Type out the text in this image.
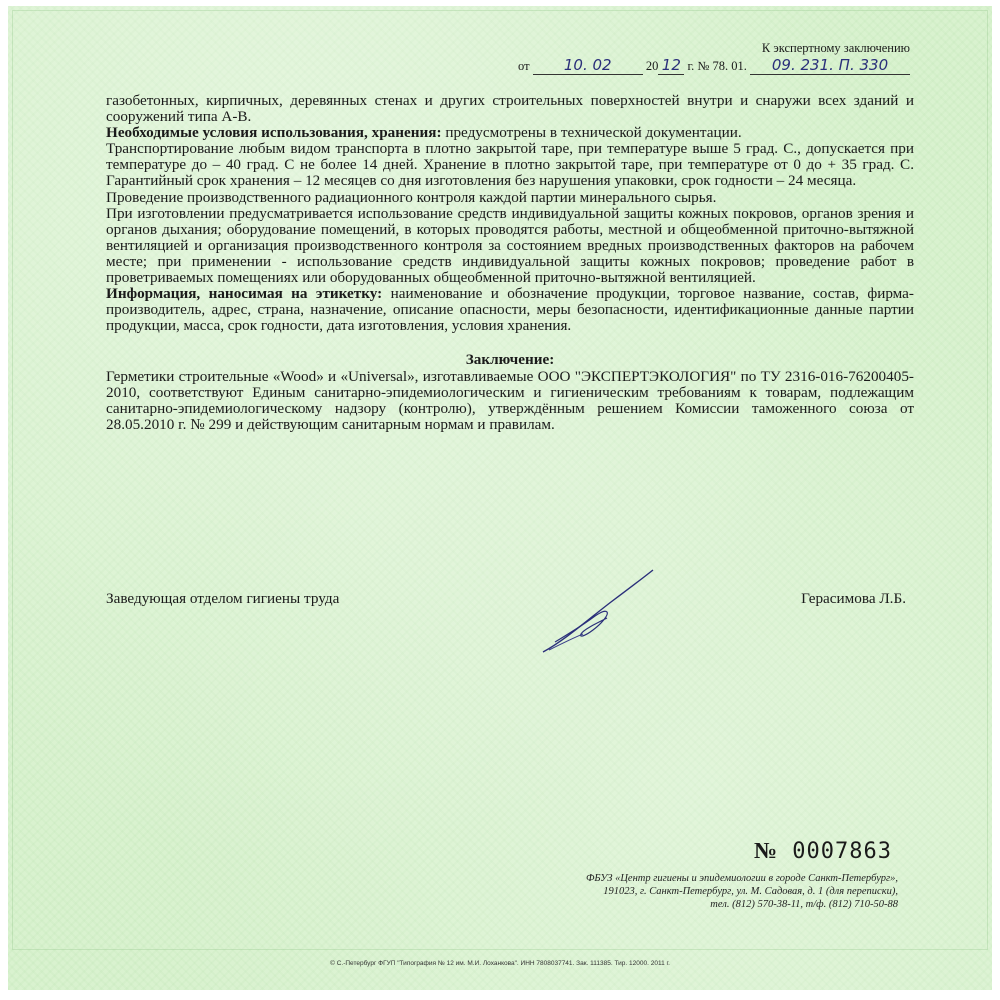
К экспертному заключению
от 10. 02	20 12 г. № 78. 01. 09. 231. П. 330

газобетонных, кирпичных, деревянных стенах и других строительных поверхностей внутри и снаружи всех зданий и сооружений типа А-В.

Необходимые условия использования, хранения: предусмотрены в технической документации.

Транспортирование любым видом транспорта в плотно закрытой таре, при температуре выше 5 град. С., допускается при температуре до – 40 град. С не более 14 дней. Хранение в плотно закрытой таре, при температуре от 0 до + 35 град. С. Гарантийный срок хранения – 12 месяцев со дня изготовления без нарушения упаковки, срок годности – 24 месяца.

Проведение производственного радиационного контроля каждой партии минерального сырья.

При изготовлении предусматривается использование средств индивидуальной защиты кожных покровов, органов зрения и органов дыхания; оборудование помещений, в которых проводятся работы, местной и общеобменной приточно-вытяжной вентиляцией и организация производственного контроля за состоянием вредных производственных факторов на рабочем месте; при применении - использование средств индивидуальной защиты кожных покровов; проведение работ в проветриваемых помещениях или оборудованных общеобменной приточно-вытяжной вентиляцией.

Информация, наносимая на этикетку: наименование и обозначение продукции, торговое название, состав, фирма-производитель, адрес, страна, назначение, описание опасности, меры безопасности, идентификационные данные партии продукции, масса, срок годности, дата изготовления, условия хранения.

Заключение:

Герметики строительные «Wood» и «Universal», изготавливаемые ООО "ЭКСПЕРТЭКОЛОГИЯ" по ТУ 2316-016-76200405-2010, соответствуют Единым санитарно-эпидемиологическим и гигиеническим требованиям к товарам, подлежащим санитарно-эпидемиологическому надзору (контролю), утверждённым решением Комиссии таможенного союза от 28.05.2010 г. № 299 и действующим санитарным нормам и правилам.

Заведующая отделом гигиены труда	Герасимова Л.Б.
№ 0007863
ФБУЗ «Центр гигиены и эпидемиологии в городе Санкт-Петербург»,
191023, г. Санкт-Петербург, ул. М. Садовая, д. 1 (для переписки),
тел. (812) 570-38-11, т/ф. (812) 710-50-88
© С.-Петербург ФГУП "Типография № 12 им. М.И. Лоханкова". ИНН 7808037741. Зак. 111385. Тир. 12000. 2011 г.
